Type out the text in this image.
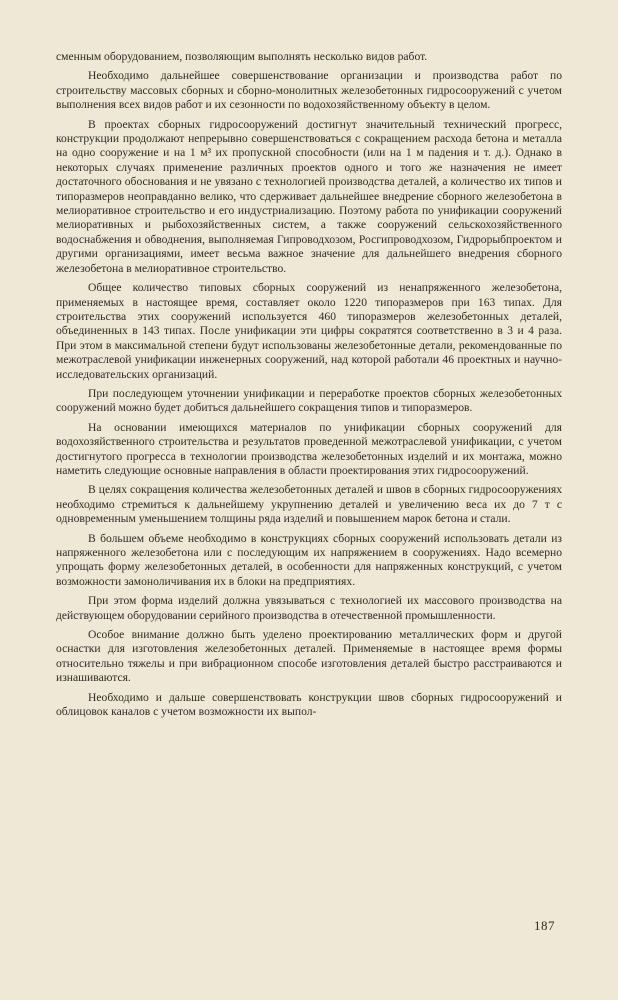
сменным оборудованием, позволяющим выполнять несколько видов работ.

Необходимо дальнейшее совершенствование организации и производства работ по строительству массовых сборных и сборно-монолитных железобетонных гидросооружений с учетом выполнения всех видов работ и их сезонности по водохозяйственному объекту в целом.

В проектах сборных гидросооружений достигнут значительный технический прогресс, конструкции продолжают непрерывно совершенствоваться с сокращением расхода бетона и металла на одно сооружение и на 1 м³ их пропускной способности (или на 1 м падения и т. д.). Однако в некоторых случаях применение различных проектов одного и того же назначения не имеет достаточного обоснования и не увязано с технологией производства деталей, а количество их типов и типоразмеров неоправданно велико, что сдерживает дальнейшее внедрение сборного железобетона в мелиоративное строительство и его индустриализацию. Поэтому работа по унификации сооружений мелиоративных и рыбохозяйственных систем, а также сооружений сельскохозяйственного водоснабжения и обводнения, выполняемая Гипроводхозом, Росгипроводхозом, Гидрорыбпроектом и другими организациями, имеет весьма важное значение для дальнейшего внедрения сборного железобетона в мелиоративное строительство.

Общее количество типовых сборных сооружений из ненапряженного железобетона, применяемых в настоящее время, составляет около 1220 типоразмеров при 163 типах. Для строительства этих сооружений используется 460 типоразмеров железобетонных деталей, объединенных в 143 типах. После унификации эти цифры сократятся соответственно в 3 и 4 раза. При этом в максимальной степени будут использованы железобетонные детали, рекомендованные по межотраслевой унификации инженерных сооружений, над которой работали 46 проектных и научно-исследовательских организаций.

При последующем уточнении унификации и переработке проектов сборных железобетонных сооружений можно будет добиться дальнейшего сокращения типов и типоразмеров.

На основании имеющихся материалов по унификации сборных сооружений для водохозяйственного строительства и результатов проведенной межотраслевой унификации, с учетом достигнутого прогресса в технологии производства железобетонных изделий и их монтажа, можно наметить следующие основные направления в области проектирования этих гидросооружений.

В целях сокращения количества железобетонных деталей и швов в сборных гидросооружениях необходимо стремиться к дальнейшему укрупнению деталей и увеличению веса их до 7 т с одновременным уменьшением толщины ряда изделий и повышением марок бетона и стали.

В большем объеме необходимо в конструкциях сборных сооружений использовать детали из напряженного железобетона или с последующим их напряжением в сооружениях. Надо всемерно упрощать форму железобетонных деталей, в особенности для напряженных конструкций, с учетом возможности замоноличивания их в блоки на предприятиях.

При этом форма изделий должна увязываться с технологией их массового производства на действующем оборудовании серийного производства в отечественной промышленности.

Особое внимание должно быть уделено проектированию металлических форм и другой оснастки для изготовления железобетонных деталей. Применяемые в настоящее время формы относительно тяжелы и при вибрационном способе изготовления деталей быстро расстраиваются и изнашиваются.

Необходимо и дальше совершенствовать конструкции швов сборных гидросооружений и облицовок каналов с учетом возможности их выпол-

187
